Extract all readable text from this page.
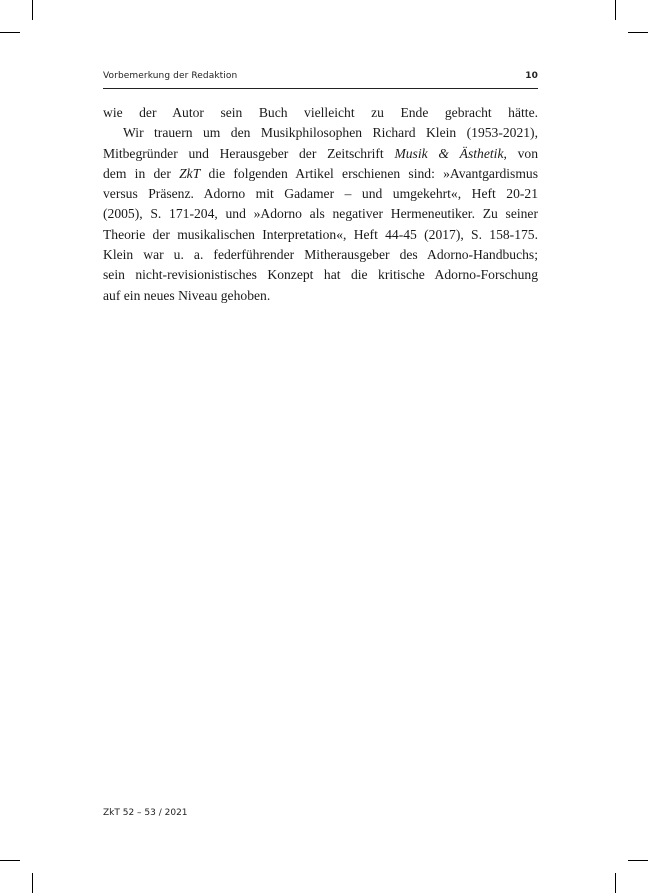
Vorbemerkung der Redaktion	10
wie der Autor sein Buch vielleicht zu Ende gebracht hätte.
Wir trauern um den Musikphilosophen Richard Klein (1953-2021),
Mitbegründer und Herausgeber der Zeitschrift Musik & Ästhetik, von
dem in der ZkT die folgenden Artikel erschienen sind: »Avantgardismus
versus Präsenz. Adorno mit Gadamer – und umgekehrt«, Heft 20-21
(2005), S. 171-204, und »Adorno als negativer Hermeneutiker. Zu seiner
Theorie der musikalischen Interpretation«, Heft 44-45 (2017), S. 158-175.
Klein war u. a. federführender Mitherausgeber des Adorno-Handbuchs;
sein nicht-revisionistisches Konzept hat die kritische Adorno-Forschung
auf ein neues Niveau gehoben.
ZkT 52 – 53 / 2021
